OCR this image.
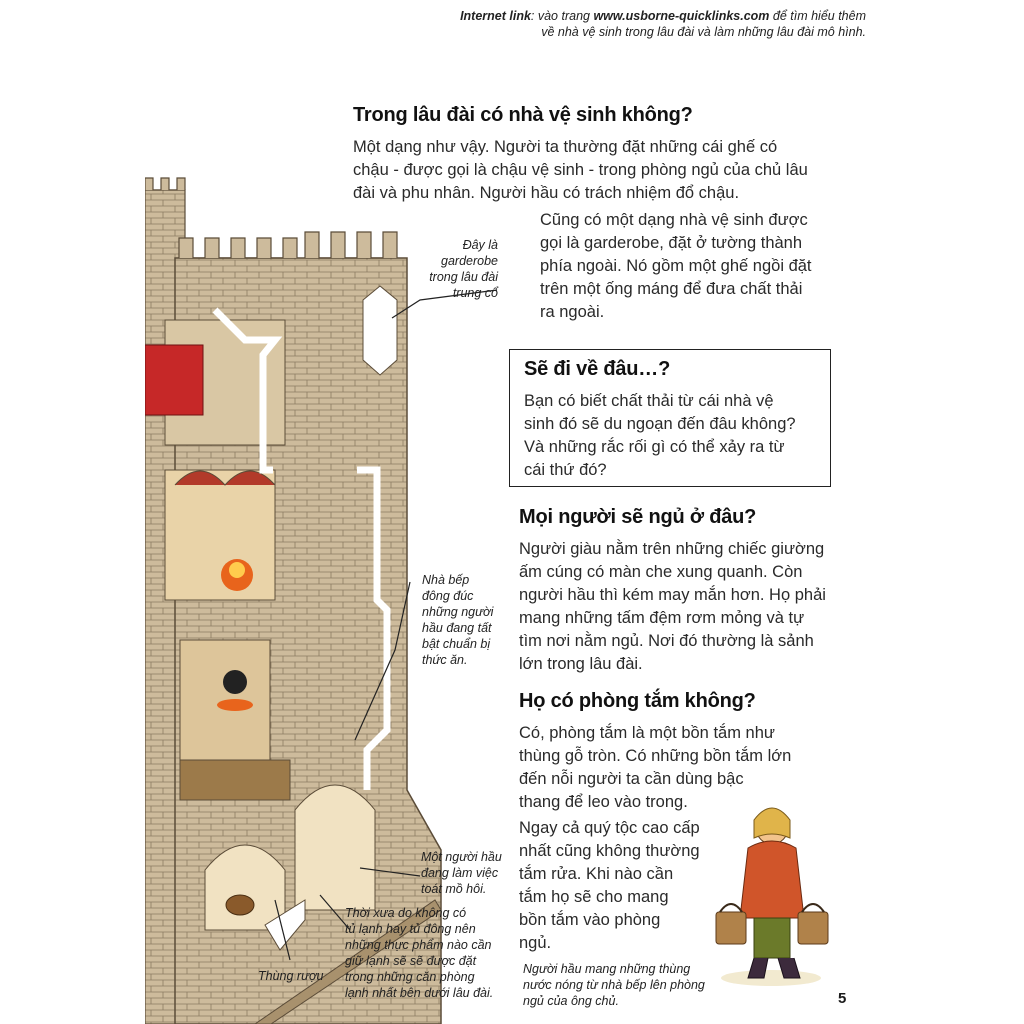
Internet link: vào trang www.usborne-quicklinks.com để tìm hiểu thêm
về nhà vệ sinh trong lâu đài và làm những lâu đài mô hình.
Trong lâu đài có nhà vệ sinh không?

Một dạng như vậy. Người ta thường đặt những cái ghế có
chậu - được gọi là chậu vệ sinh - trong phòng ngủ của chủ lâu
đài và phu nhân. Người hầu có trách nhiệm đổ chậu.

Cũng có một dạng nhà vệ sinh được
gọi là garderobe, đặt ở tường thành
phía ngoài. Nó gồm một ghế ngồi đặt
trên một ống máng để đưa chất thải
ra ngoài.

Sẽ đi về đâu…?

Bạn có biết chất thải từ cái nhà vệ
sinh đó sẽ du ngoạn đến đâu không?
Và những rắc rối gì có thể xảy ra từ
cái thứ đó?

Mọi người sẽ ngủ ở đâu?

Người giàu nằm trên những chiếc giường
ấm cúng có màn che xung quanh. Còn
người hầu thì kém may mắn hơn. Họ phải
mang những tấm đệm rơm mỏng và tự
tìm nơi nằm ngủ. Nơi đó thường là sảnh
lớn trong lâu đài.

Họ có phòng tắm không?

Có, phòng tắm là một bồn tắm như
thùng gỗ tròn. Có những bồn tắm lớn
đến nỗi người ta cần dùng bậc
thang để leo vào trong.

Ngay cả quý tộc cao cấp
nhất cũng không thường
tắm rửa. Khi nào cần
tắm họ sẽ cho mang
bồn tắm vào phòng
ngủ.

Đây là
garderobe
trong lâu đài
trung cổ
Nhà bếp
đông đúc
những người
hầu đang tất
bật chuẩn bị
thức ăn.
Một người hầu
đang làm việc
toát mồ hôi.
Thời xưa do không có
tủ lạnh hay tủ đông nên
những thực phẩm nào cần
giữ lạnh sẽ sẽ được đặt
trong những căn phòng
lạnh nhất bên dưới lâu đài.
Thùng rượu	Người hầu mang những thùng
nước nóng từ nhà bếp lên phòng
ngủ của ông chủ.	5
